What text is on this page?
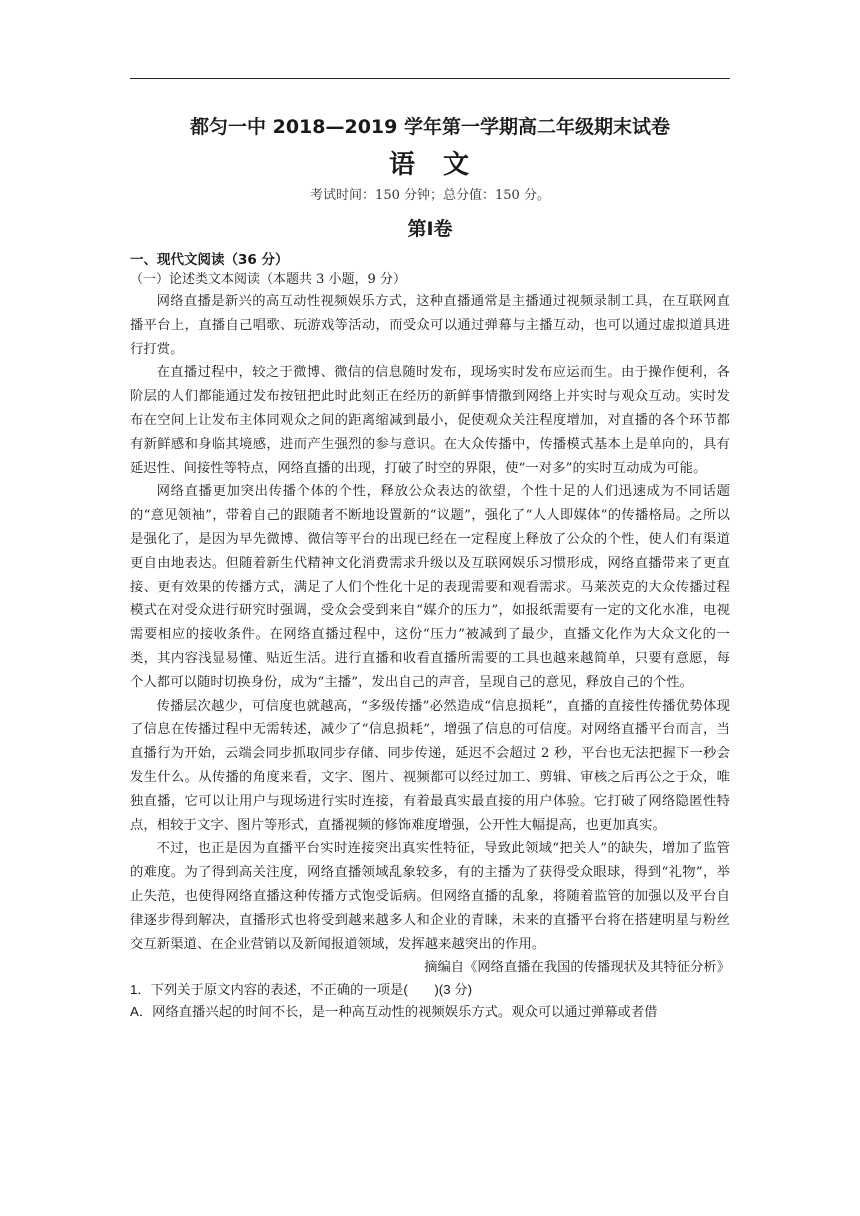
都匀一中 2018—2019 学年第一学期高二年级期末试卷

语 文

考试时间：150 分钟；总分值：150 分。

第Ⅰ卷

一、现代文阅读（36 分）

（一）论述类文本阅读（本题共 3 小题，9 分）

网络直播是新兴的高互动性视频娱乐方式，这种直播通常是主播通过视频录制工具，在互联网直播平台上，直播自己唱歌、玩游戏等活动，而受众可以通过弹幕与主播互动，也可以通过虚拟道具进行打赏。

在直播过程中，较之于微博、微信的信息随时发布，现场实时发布应运而生。由于操作便利，各阶层的人们都能通过发布按钮把此时此刻正在经历的新鲜事情撒到网络上并实时与观众互动。实时发布在空间上让发布主体同观众之间的距离缩减到最小，促使观众关注程度增加，对直播的各个环节都有新鲜感和身临其境感，进而产生强烈的参与意识。在大众传播中，传播模式基本上是单向的，具有延迟性、间接性等特点，网络直播的出现，打破了时空的界限，使“一对多”的实时互动成为可能。

网络直播更加突出传播个体的个性，释放公众表达的欲望，个性十足的人们迅速成为不同话题的“意见领袖”，带着自己的跟随者不断地设置新的“议题”，强化了“人人即媒体”的传播格局。之所以是强化了，是因为早先微博、微信等平台的出现已经在一定程度上释放了公众的个性，使人们有渠道更自由地表达。但随着新生代精神文化消费需求升级以及互联网娱乐习惯形成，网络直播带来了更直接、更有效果的传播方式，满足了人们个性化十足的表现需要和观看需求。马莱茨克的大众传播过程模式在对受众进行研究时强调，受众会受到来自“媒介的压力”，如报纸需要有一定的文化水准，电视需要相应的接收条件。在网络直播过程中，这份“压力”被减到了最少，直播文化作为大众文化的一类，其内容浅显易懂、贴近生活。进行直播和收看直播所需要的工具也越来越简单，只要有意愿，每个人都可以随时切换身份，成为“主播”，发出自己的声音，呈现自己的意见，释放自己的个性。

传播层次越少，可信度也就越高，“多级传播”必然造成“信息损耗”，直播的直接性传播优势体现了信息在传播过程中无需转述，减少了“信息损耗”，增强了信息的可信度。对网络直播平台而言，当直播行为开始，云端会同步抓取同步存储、同步传递，延迟不会超过 2 秒，平台也无法把握下一秒会发生什么。从传播的角度来看，文字、图片、视频都可以经过加工、剪辑、审核之后再公之于众，唯独直播，它可以让用户与现场进行实时连接，有着最真实最直接的用户体验。它打破了网络隐匿性特点，相较于文字、图片等形式，直播视频的修饰难度增强，公开性大幅提高，也更加真实。

不过，也正是因为直播平台实时连接突出真实性特征，导致此领域“把关人”的缺失，增加了监管的难度。为了得到高关注度，网络直播领域乱象较多，有的主播为了获得受众眼球，得到“礼物”，举止失范，也使得网络直播这种传播方式饱受诟病。但网络直播的乱象，将随着监管的加强以及平台自律逐步得到解决，直播形式也将受到越来越多人和企业的青睐，未来的直播平台将在搭建明星与粉丝交互新渠道、在企业营销以及新闻报道领域，发挥越来越突出的作用。

摘编自《网络直播在我国的传播现状及其特征分析》

1．下列关于原文内容的表述，不正确的一项是(　　)(3 分)

A．网络直播兴起的时间不长，是一种高互动性的视频娱乐方式。观众可以通过弹幕或者借
